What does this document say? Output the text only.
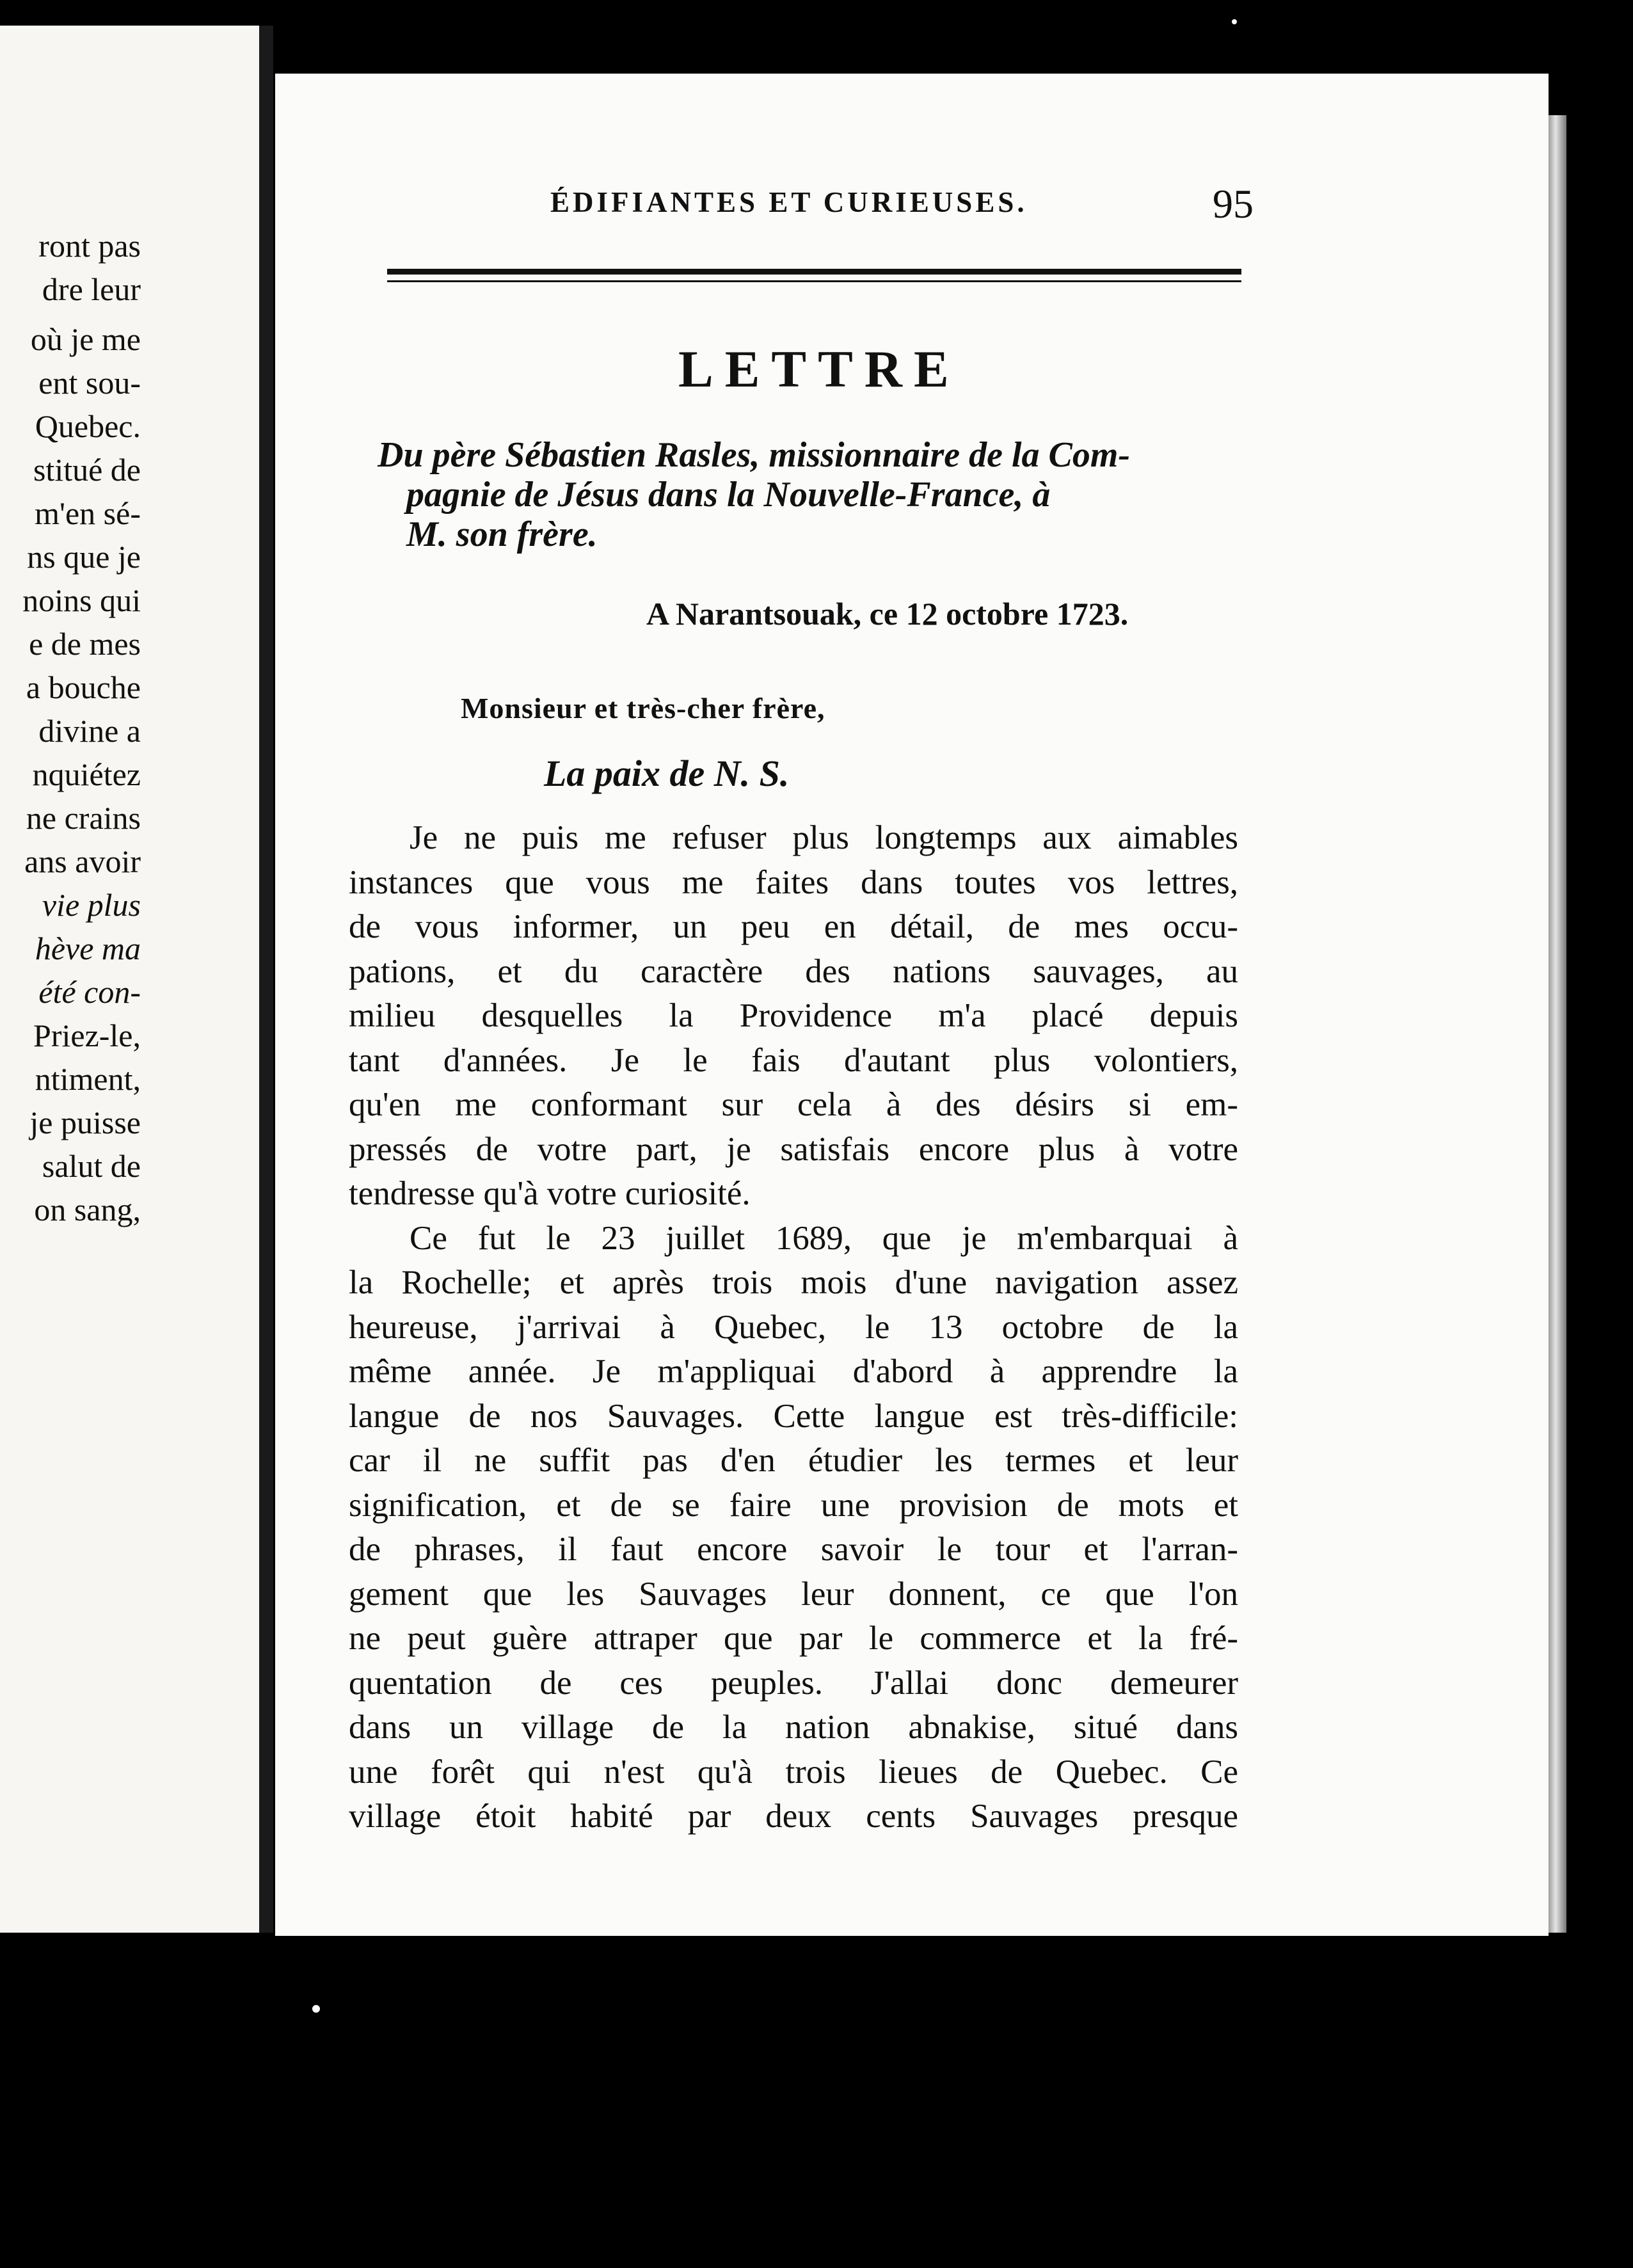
ront pas
dre leur
où je me
ent sou-
Quebec.
stitué de
m'en sé-
ns que je
noins qui
e de mes
a bouche
divine a
nquiétez
ne crains
ans avoir
vie plus
hève ma
été con-
Priez-le,
ntiment,
je puisse
salut de
on sang,
ÉDIFIANTES ET CURIEUSES.	95
LETTRE
Du père Sébastien Rasles, missionnaire de la Com-
pagnie de Jésus dans la Nouvelle-France, à
M. son frère.
A Narantsouak, ce 12 octobre 1723.
Monsieur et très-cher frère,
La paix de N. S.
Je ne puis me refuser plus longtemps aux aimables
instances que vous me faites dans toutes vos lettres,
de vous informer, un peu en détail, de mes occu-
pations, et du caractère des nations sauvages, au
milieu desquelles la Providence m'a placé depuis
tant d'années. Je le fais d'autant plus volontiers,
qu'en me conformant sur cela à des désirs si em-
pressés de votre part, je satisfais encore plus à votre
tendresse qu'à votre curiosité.
Ce fut le 23 juillet 1689, que je m'embarquai à
la Rochelle; et après trois mois d'une navigation assez
heureuse, j'arrivai à Quebec, le 13 octobre de la
même année. Je m'appliquai d'abord à apprendre la
langue de nos Sauvages. Cette langue est très-difficile:
car il ne suffit pas d'en étudier les termes et leur
signification, et de se faire une provision de mots et
de phrases, il faut encore savoir le tour et l'arran-
gement que les Sauvages leur donnent, ce que l'on
ne peut guère attraper que par le commerce et la fré-
quentation de ces peuples. J'allai donc demeurer
dans un village de la nation abnakise, situé dans
une forêt qui n'est qu'à trois lieues de Quebec. Ce
village étoit habité par deux cents Sauvages presque
